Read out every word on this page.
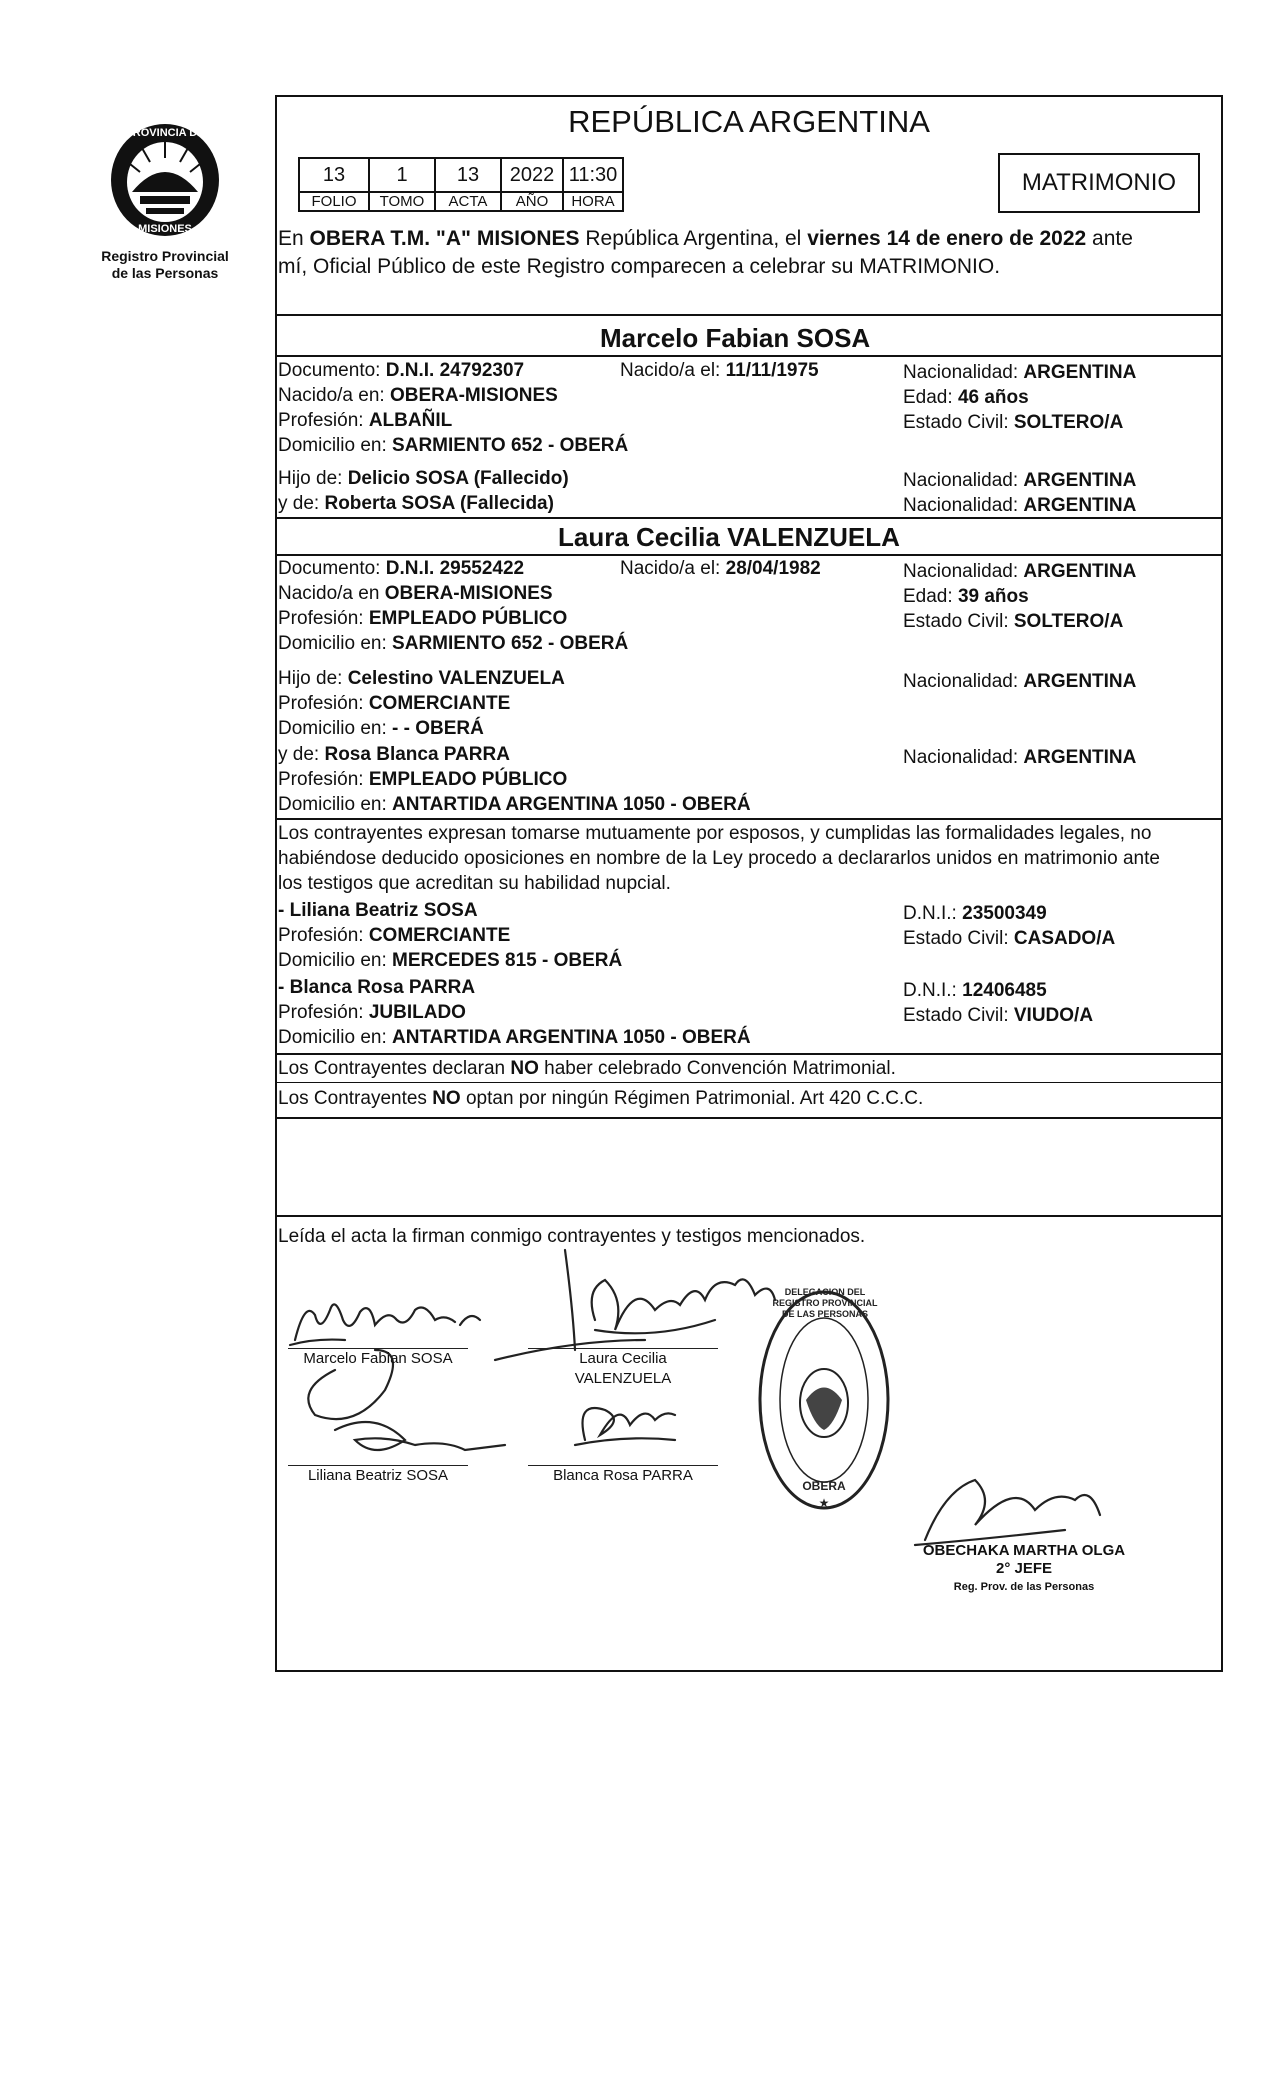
PROVINCIA DE
MISIONES
Registro Provincial
de las Personas
REPÚBLICA ARGENTINA
13	1	13	2022	11:30
FOLIO	TOMO	ACTA	AÑO	HORA
MATRIMONIO
En OBERA T.M. "A" MISIONES República Argentina, el viernes 14 de enero de 2022 ante
mí, Oficial Público de este Registro comparecen a celebrar su MATRIMONIO.
Marcelo Fabian SOSA
Documento: D.N.I. 24792307	Nacido/a el: 11/11/1975	Nacionalidad: ARGENTINA
Nacido/a en: OBERA-MISIONES	Edad: 46 años
Profesión: ALBAÑIL	Estado Civil: SOLTERO/A
Domicilio en: SARMIENTO 652 - OBERÁ
Hijo de: Delicio SOSA (Fallecido)	Nacionalidad: ARGENTINA
y de: Roberta SOSA (Fallecida)	Nacionalidad: ARGENTINA
Laura Cecilia VALENZUELA
Documento: D.N.I. 29552422	Nacido/a el: 28/04/1982	Nacionalidad: ARGENTINA
Nacido/a en OBERA-MISIONES	Edad: 39 años
Profesión: EMPLEADO PÚBLICO	Estado Civil: SOLTERO/A
Domicilio en: SARMIENTO 652 - OBERÁ
Hijo de: Celestino VALENZUELA	Nacionalidad: ARGENTINA
Profesión: COMERCIANTE
Domicilio en: - - OBERÁ
y de: Rosa Blanca PARRA	Nacionalidad: ARGENTINA
Profesión: EMPLEADO PÚBLICO
Domicilio en: ANTARTIDA ARGENTINA 1050 - OBERÁ
Los contrayentes expresan tomarse mutuamente por esposos, y cumplidas las formalidades legales, no
habiéndose deducido oposiciones en nombre de la Ley procedo a declararlos unidos en matrimonio ante
los testigos que acreditan su habilidad nupcial.
- Liliana Beatriz SOSA	D.N.I.: 23500349
Profesión: COMERCIANTE	Estado Civil: CASADO/A
Domicilio en: MERCEDES 815 - OBERÁ
- Blanca Rosa PARRA	D.N.I.: 12406485
Profesión: JUBILADO	Estado Civil: VIUDO/A
Domicilio en: ANTARTIDA ARGENTINA 1050 - OBERÁ
Los Contrayentes declaran NO haber celebrado Convención Matrimonial.
Los Contrayentes NO optan por ningún Régimen Patrimonial. Art 420 C.C.C.
Leída el acta la firman conmigo contrayentes y testigos mencionados.
Marcelo Fabian SOSA	Laura Cecilia
VALENZUELA
Liliana Beatriz SOSA	Blanca Rosa PARRA
OBERA
★
DELEGACION DEL REGISTRO PROVINCIAL DE LAS PERSONAS
OBECHAKA MARTHA OLGA
2° JEFE
Reg. Prov. de las Personas
